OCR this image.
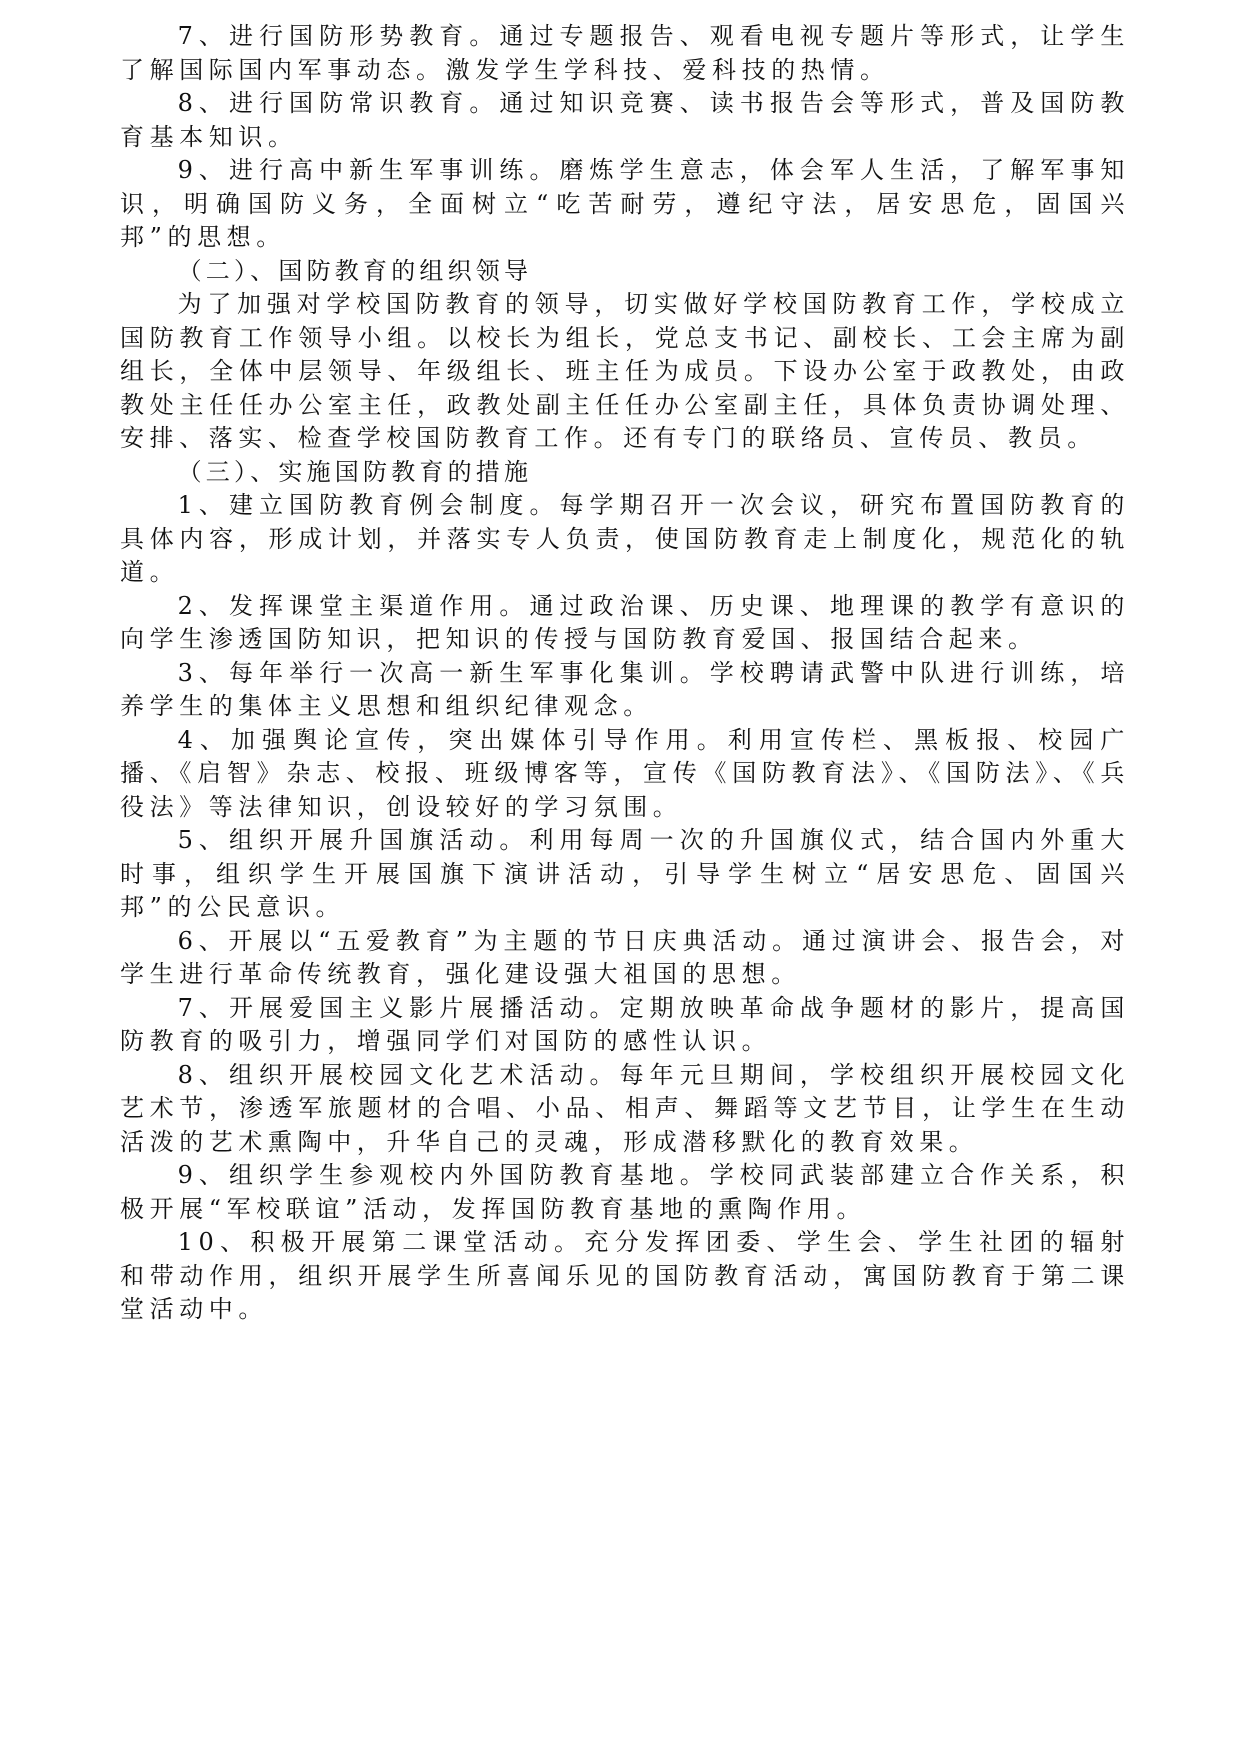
7、进行国防形势教育。通过专题报告、观看电视专题片等形式，让学生了解国际国内军事动态。激发学生学科技、爱科技的热情。

8、进行国防常识教育。通过知识竞赛、读书报告会等形式，普及国防教育基本知识。

9、进行高中新生军事训练。磨炼学生意志，体会军人生活，了解军事知识，明确国防义务，全面树立“吃苦耐劳，遵纪守法，居安思危，固国兴邦”的思想。

（二）、国防教育的组织领导

为了加强对学校国防教育的领导，切实做好学校国防教育工作，学校成立国防教育工作领导小组。以校长为组长，党总支书记、副校长、工会主席为副组长，全体中层领导、年级组长、班主任为成员。下设办公室于政教处，由政教处主任任办公室主任，政教处副主任任办公室副主任，具体负责协调处理、安排、落实、检查学校国防教育工作。还有专门的联络员、宣传员、教员。

（三）、实施国防教育的措施

1、建立国防教育例会制度。每学期召开一次会议，研究布置国防教育的具体内容，形成计划，并落实专人负责，使国防教育走上制度化，规范化的轨道。

2、发挥课堂主渠道作用。通过政治课、历史课、地理课的教学有意识的向学生渗透国防知识，把知识的传授与国防教育爱国、报国结合起来。

3、每年举行一次高一新生军事化集训。学校聘请武警中队进行训练，培养学生的集体主义思想和组织纪律观念。

4、加强舆论宣传，突出媒体引导作用。利用宣传栏、黑板报、校园广播、《启智》杂志、校报、班级博客等，宣传《国防教育法》、《国防法》、《兵役法》等法律知识，创设较好的学习氛围。

5、组织开展升国旗活动。利用每周一次的升国旗仪式，结合国内外重大时事，组织学生开展国旗下演讲活动，引导学生树立“居安思危、固国兴邦”的公民意识。

6、开展以“五爱教育”为主题的节日庆典活动。通过演讲会、报告会，对学生进行革命传统教育，强化建设强大祖国的思想。

7、开展爱国主义影片展播活动。定期放映革命战争题材的影片，提高国防教育的吸引力，增强同学们对国防的感性认识。

8、组织开展校园文化艺术活动。每年元旦期间，学校组织开展校园文化艺术节，渗透军旅题材的合唱、小品、相声、舞蹈等文艺节目，让学生在生动活泼的艺术熏陶中，升华自己的灵魂，形成潜移默化的教育效果。

9、组织学生参观校内外国防教育基地。学校同武装部建立合作关系，积极开展“军校联谊”活动，发挥国防教育基地的熏陶作用。

10、积极开展第二课堂活动。充分发挥团委、学生会、学生社团的辐射和带动作用，组织开展学生所喜闻乐见的国防教育活动，寓国防教育于第二课堂活动中。
